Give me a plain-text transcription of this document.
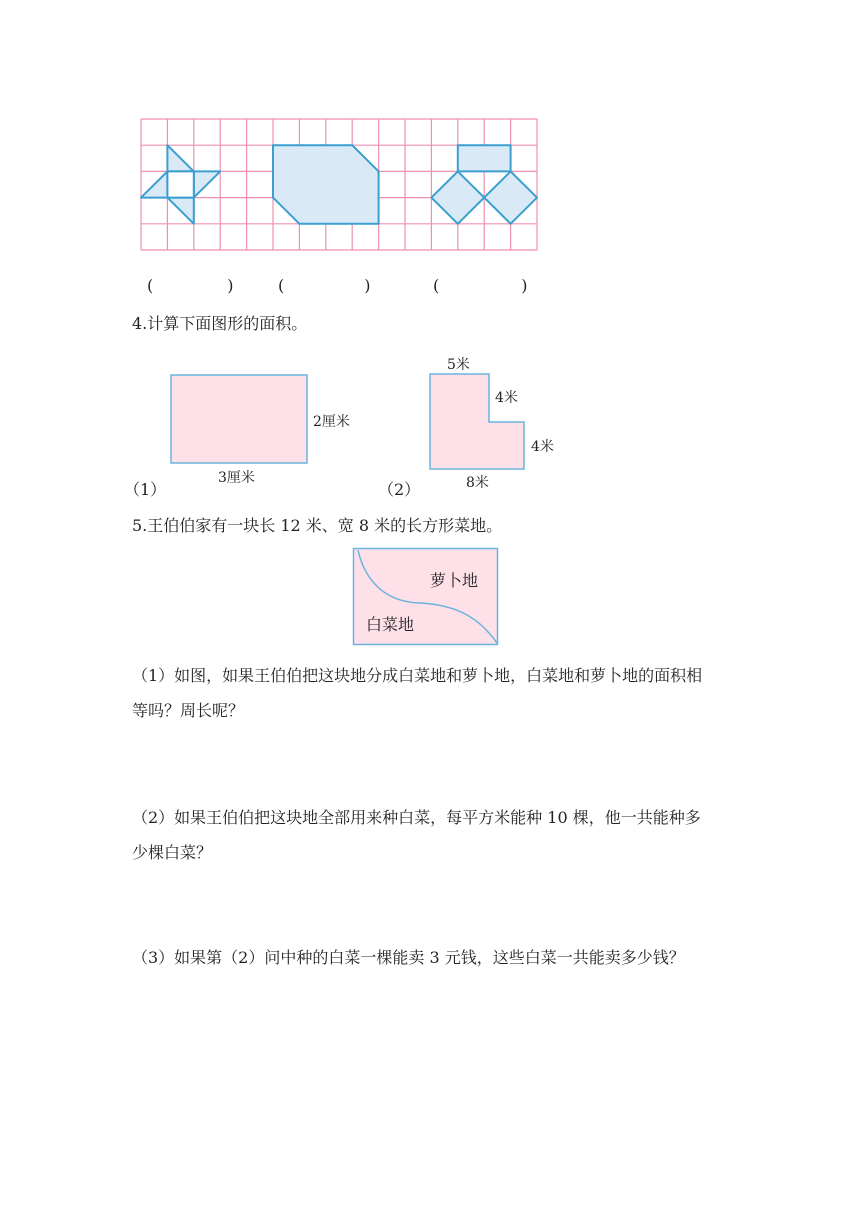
(	)	(	)	(	)
4.计算下面图形的面积。
2厘米
3厘米
（1）
5米
4米
4米
8米
（2）
5.王伯伯家有一块长 12 米、宽 8 米的长方形菜地。
萝卜地
白菜地
（1）如图，如果王伯伯把这块地分成白菜地和萝卜地，白菜地和萝卜地的面积相
等吗？周长呢？
（2）如果王伯伯把这块地全部用来种白菜，每平方米能种 10 棵，他一共能种多
少棵白菜？
（3）如果第（2）问中种的白菜一棵能卖 3 元钱，这些白菜一共能卖多少钱？
